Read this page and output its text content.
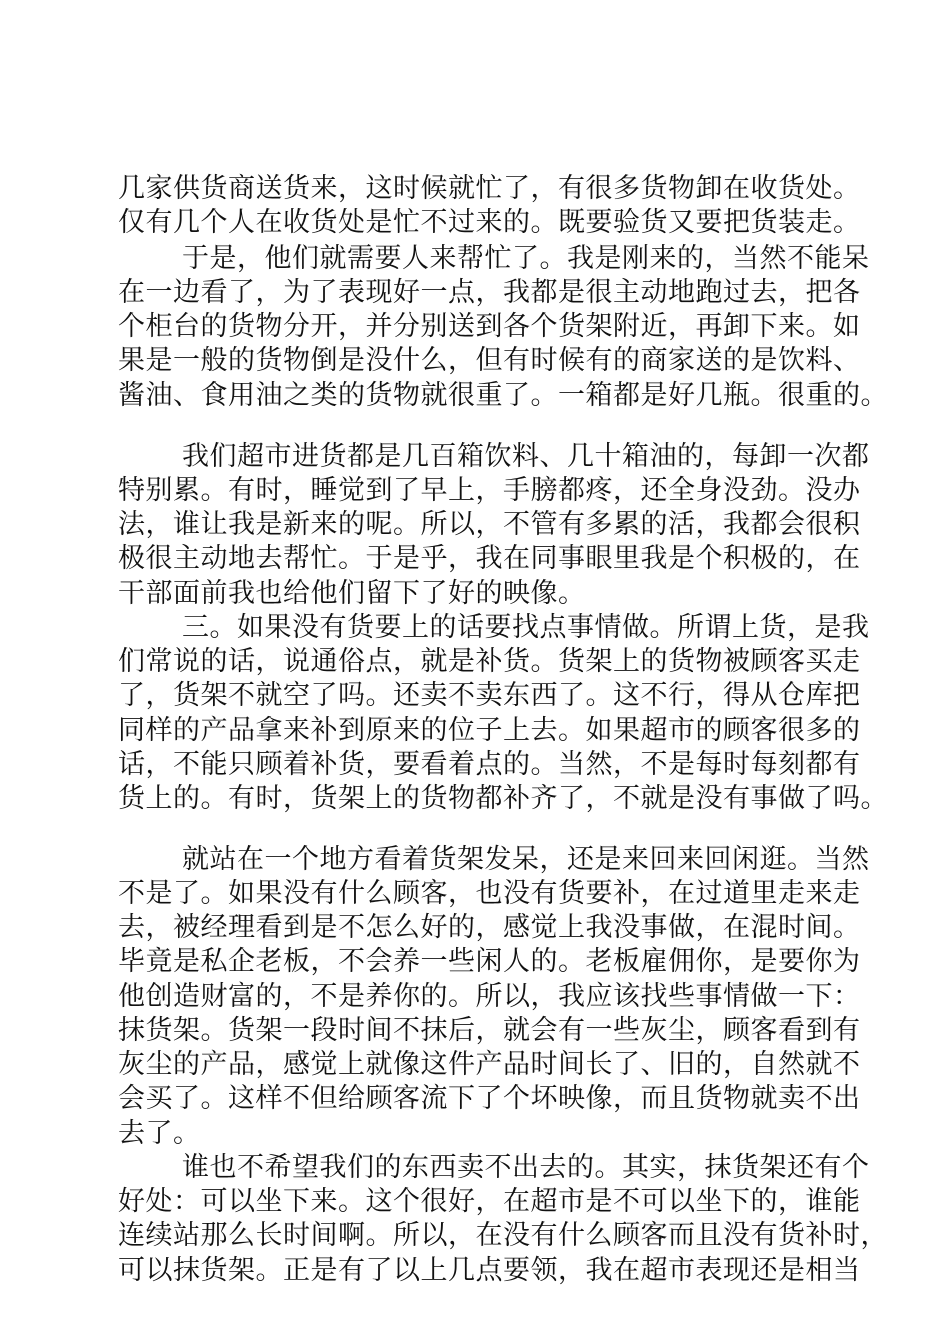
几家供货商送货来，这时候就忙了，有很多货物卸在收货处。
仅有几个人在收货处是忙不过来的。既要验货又要把货装走。
于是，他们就需要人来帮忙了。我是刚来的，当然不能呆
在一边看了，为了表现好一点，我都是很主动地跑过去，把各
个柜台的货物分开，并分别送到各个货架附近，再卸下来。如
果是一般的货物倒是没什么，但有时候有的商家送的是饮料、
酱油、食用油之类的货物就很重了。一箱都是好几瓶。很重的。
我们超市进货都是几百箱饮料、几十箱油的，每卸一次都
特别累。有时，睡觉到了早上，手膀都疼，还全身没劲。没办
法，谁让我是新来的呢。所以，不管有多累的活，我都会很积
极很主动地去帮忙。于是乎，我在同事眼里我是个积极的，在
干部面前我也给他们留下了好的映像。
三。如果没有货要上的话要找点事情做。所谓上货，是我
们常说的话，说通俗点，就是补货。货架上的货物被顾客买走
了，货架不就空了吗。还卖不卖东西了。这不行，得从仓库把
同样的产品拿来补到原来的位子上去。如果超市的顾客很多的
话，不能只顾着补货，要看着点的。当然，不是每时每刻都有
货上的。有时，货架上的货物都补齐了，不就是没有事做了吗。
就站在一个地方看着货架发呆，还是来回来回闲逛。当然
不是了。如果没有什么顾客，也没有货要补，在过道里走来走
去，被经理看到是不怎么好的，感觉上我没事做，在混时间。
毕竟是私企老板，不会养一些闲人的。老板雇佣你，是要你为
他创造财富的，不是养你的。所以，我应该找些事情做一下：
抹货架。货架一段时间不抹后，就会有一些灰尘，顾客看到有
灰尘的产品，感觉上就像这件产品时间长了、旧的，自然就不
会买了。这样不但给顾客流下了个坏映像，而且货物就卖不出
去了。
谁也不希望我们的东西卖不出去的。其实，抹货架还有个
好处：可以坐下来。这个很好，在超市是不可以坐下的，谁能
连续站那么长时间啊。所以，在没有什么顾客而且没有货补时，
可以抹货架。正是有了以上几点要领，我在超市表现还是相当
